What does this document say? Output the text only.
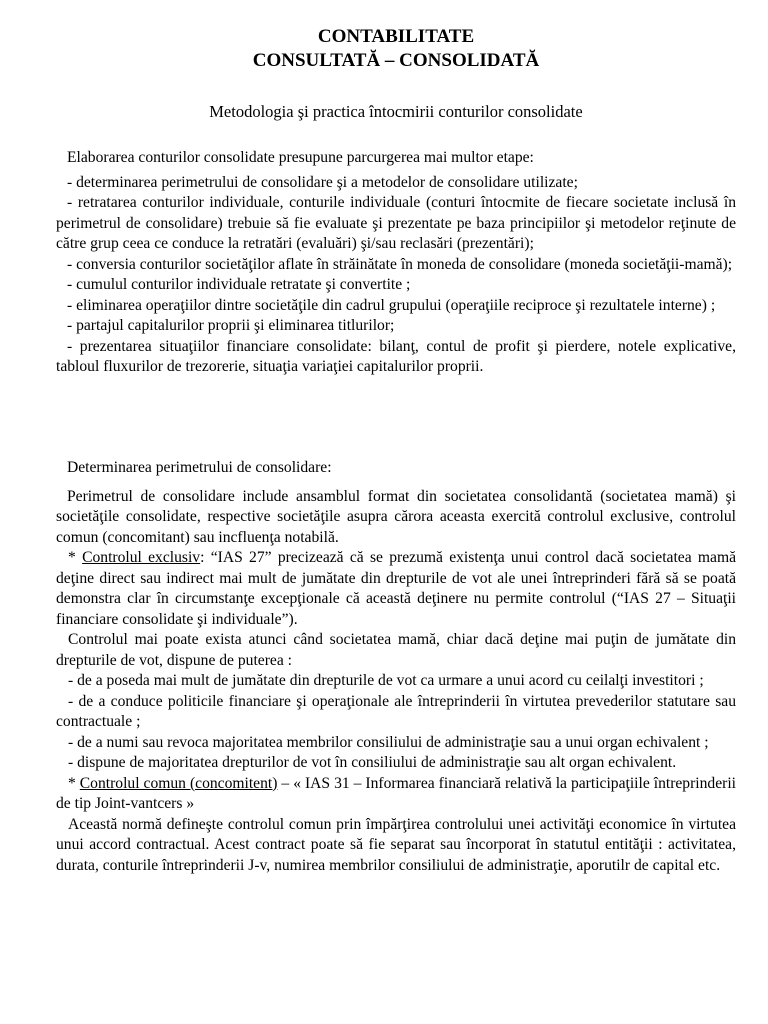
CONTABILITATE
CONSULTATĂ – CONSOLIDATĂ

Metodologia şi practica întocmirii conturilor consolidate

Elaborarea conturilor consolidate presupune parcurgerea mai multor etape:

- determinarea perimetrului de consolidare şi a metodelor de consolidare utilizate;

- retratarea conturilor individuale, conturile individuale (conturi întocmite de fiecare societate inclusă în perimetrul de consolidare) trebuie să fie evaluate şi prezentate pe baza principiilor şi metodelor reţinute de către grup ceea ce conduce la retratări (evaluări) şi/sau reclasări (prezentări);

- conversia conturilor societăţilor aflate în străinătate în moneda de consolidare (moneda societăţii-mamă);

- cumulul conturilor individuale retratate şi convertite ;

- eliminarea operaţiilor dintre societăţile din cadrul grupului (operaţiile reciproce şi rezultatele interne) ;

- partajul capitalurilor proprii şi eliminarea titlurilor;

- prezentarea situaţiilor financiare consolidate: bilanţ, contul de profit şi pierdere, notele explicative, tabloul fluxurilor de trezorerie, situaţia variaţiei capitalurilor proprii.

Determinarea perimetrului de consolidare:

Perimetrul de consolidare include ansamblul format din societatea consolidantă (societatea mamă) şi societăţile consolidate, respective societăţile asupra cărora aceasta exercită controlul exclusive, controlul comun (concomitant) sau incfluenţa notabilă.

* Controlul exclusiv: “IAS 27” precizează că se prezumă existenţa unui control dacă societatea mamă deţine direct sau indirect mai mult de jumătate din drepturile de vot ale unei întreprinderi fără să se poată demonstra clar în circumstanţe excepţionale că această deţinere nu permite controlul (“IAS 27 – Situaţii financiare consolidate şi individuale”).

Controlul mai poate exista atunci când societatea mamă, chiar dacă deţine mai puţin de jumătate din drepturile de vot, dispune de puterea :

- de a poseda mai mult de jumătate din drepturile de vot ca urmare a unui acord cu ceilalţi investitori ;

- de a conduce politicile financiare şi operaţionale ale întreprinderii în virtutea prevederilor statutare sau contractuale ;

- de a numi sau revoca majoritatea membrilor consiliului de administraţie sau a unui organ echivalent ;

- dispune de majoritatea drepturilor de vot în consiliului de administraţie sau alt organ echivalent.

* Controlul comun (concomitent) – « IAS 31 – Informarea financiară relativă la participaţiile întreprinderii de tip Joint-vantcers »

Această normă defineşte controlul comun prin împărţirea controlului unei activităţi economice în virtutea unui accord contractual. Acest contract poate să fie separat sau încorporat în statutul entităţii : activitatea, durata, conturile întreprinderii J-v, numirea membrilor consiliului de administraţie, aporutilr de capital etc.
